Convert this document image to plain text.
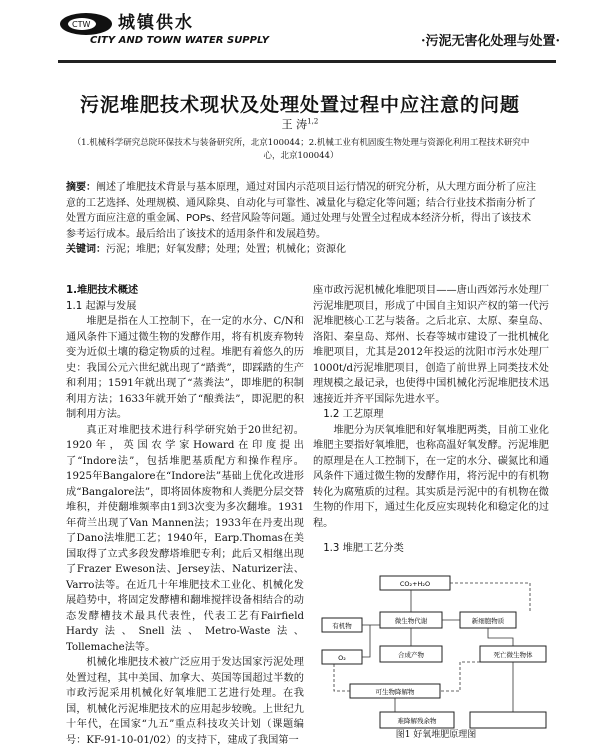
CTW 城镇供水
CITY AND TOWN WATER SUPPLY	·污泥无害化处理与处置·
污泥堆肥技术现状及处理处置过程中应注意的问题
王 涛$^{1,2}$
（1.机械科学研究总院环保技术与装备研究所，北京100044；2.机械工业有机固废生物处理与资源化利用工程技术研究中心，北京100044）
摘要：阐述了堆肥技术背景与基本原理，通过对国内示范项目运行情况的研究分析，从大理方面分析了应注意的工艺选择、处理规模、通风除臭、自动化与可靠性、减量化与稳定化等问题；结合行业技术指南分析了处置方面应注意的重金属、POPs、经营风险等问题。通过处理与处置全过程成本经济分析，得出了该技术参考运行成本。最后给出了该技术的适用条件和发展趋势。
关键词：污泥；堆肥；好氧发酵；处理；处置；机械化；资源化

1.堆肥技术概述

1.1 起源与发展

堆肥是指在人工控制下，在一定的水分、C/N和通风条件下通过微生物的发酵作用，将有机废弃物转变为近似土壤的稳定物质的过程。堆肥有着悠久的历史：我国公元六世纪就出现了“踏粪”，即踩踏的生产和利用；1591年就出现了“蒸粪法”，即堆肥的积制利用方法；1633年就开始了“酿粪法”，即泥肥的积制利用方法。

真正对堆肥技术进行科学研究始于20世纪初。1920年，英国农学家Howard在印度提出了“Indore法”，包括堆肥基质配方和操作程序。1925年Bangalore在“Indore法”基础上优化改进形成“Bangalore法”，即将固体废物和人粪肥分层交替堆积，并使翻堆频率由1到3次变为多次翻堆。1931年荷兰出现了Van Mannen法；1933年在丹麦出现了Dano法堆肥工艺；1940年，Earp.Thomas在美国取得了立式多段发酵塔堆肥专利；此后又相继出现了Frazer Eweson法、Jersey法、Naturizer法、Varro法等。在近几十年堆肥技术工业化、机械化发展趋势中，将固定发酵槽和翻堆搅拌设备相结合的动态发酵槽技术最具代表性，代表工艺有Fairfield Hardy法、Snell法、Metro-Waste法、Tollemache法等。

机械化堆肥技术被广泛应用于发达国家污泥处理处置过程，其中美国、加拿大、英国等国超过半数的市政污泥采用机械化好氧堆肥工艺进行处理。在我国，机械化污泥堆肥技术的应用起步较晚。上世纪九十年代，在国家“九五”重点科技攻关计划（课题编号：KF-91-10-01/02）的支持下，建成了我国第一

座市政污泥机械化堆肥项目——唐山西郊污水处理厂污泥堆肥项目，形成了中国自主知识产权的第一代污泥堆肥核心工艺与装备。之后北京、太原、秦皇岛、洛阳、秦皇岛、郑州、长春等城市建设了一批机械化堆肥项目，尤其是2012年投运的沈阳市污水处理厂1000t/d污泥堆肥项目，创造了前世界上同类技术处理规模之最记录，也使得中国机械化污泥堆肥技术迅速接近并齐平国际先进水平。

1.2 工艺原理

堆肥分为厌氧堆肥和好氧堆肥两类，目前工业化堆肥主要指好氧堆肥，也称高温好氧发酵。污泥堆肥的原理是在人工控制下，在一定的水分、碳氮比和通风条件下通过微生物的发酵作用，将污泥中的有机物转化为腐殖质的过程。其实质是污泥中的有机物在微生物的作用下，通过生化反应实现转化和稳定化的过程。

1.3 堆肥工艺分类

CO₂+H₂O
有机物
O₂
微生物代谢
合成产物
新细胞物质
死亡微生物体
可生物降解物
难降解残余物
图1 好氧堆肥原理图
